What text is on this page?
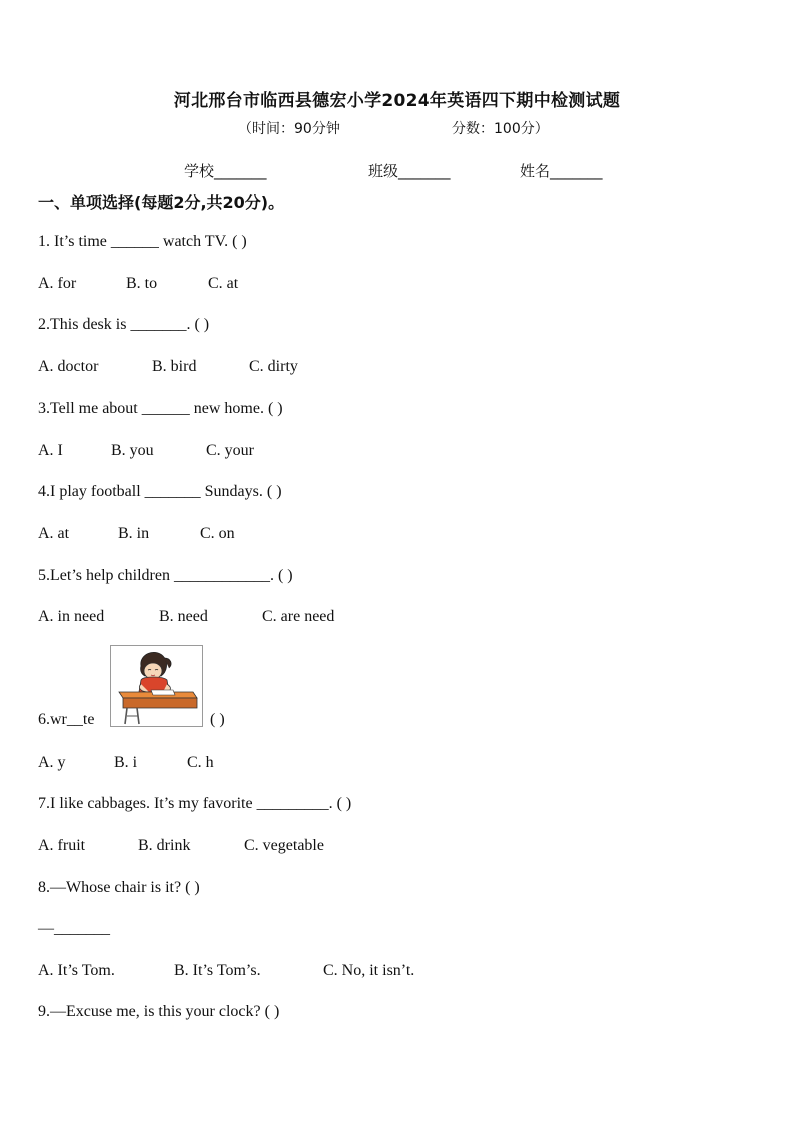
河北邢台市临西县德宏小学2024年英语四下期中检测试题
（时间：90分钟	分数：100分）
学校_______	班级_______	姓名_______
一、单项选择(每题2分,共20分)。
1. It’s time ______ watch TV. ( )
A. for	B. to	C. at
2.This desk is _______. ( )
A. doctor	B. bird	C. dirty
3.Tell me about ______ new home. ( )
A. I	B. you	C. your
4.I play football _______ Sundays. ( )
A. at	B. in	C. on
5.Let’s help children ____________. ( )
A. in need	B. need	C. are need
6.wr__te	( )
A. y	B. i	C. h
7.I like cabbages. It’s my favorite _________. ( )
A. fruit	B. drink	C. vegetable
8.—Whose chair is it? ( )
—_______
A. It’s Tom.	B. It’s Tom’s.	C. No, it isn’t.
9.—Excuse me, is this your clock? ( )
